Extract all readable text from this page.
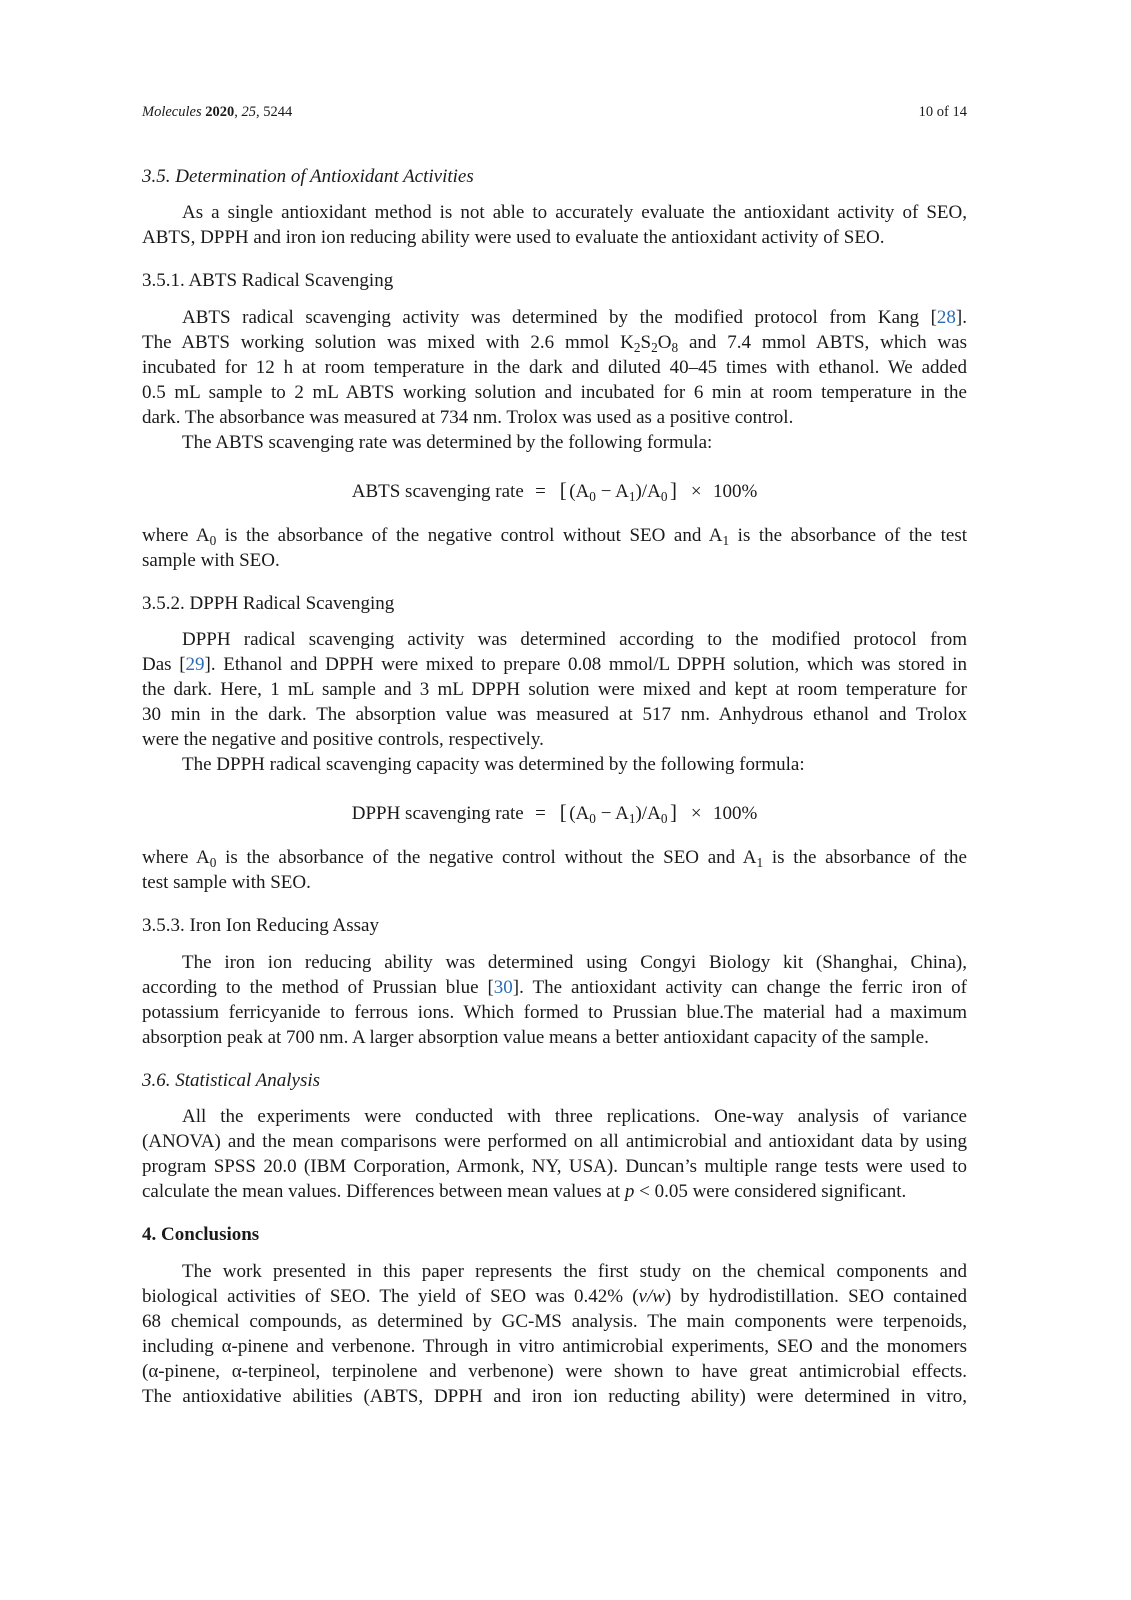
Molecules 2020, 25, 5244	10 of 14
3.5. Determination of Antioxidant Activities
As a single antioxidant method is not able to accurately evaluate the antioxidant activity of SEO,
ABTS, DPPH and iron ion reducing ability were used to evaluate the antioxidant activity of SEO.
3.5.1. ABTS Radical Scavenging
ABTS radical scavenging activity was determined by the modified protocol from Kang [28].
The ABTS working solution was mixed with 2.6 mmol $K_2S_2O_8$ and 7.4 mmol ABTS, which was
incubated for 12 h at room temperature in the dark and diluted 40–45 times with ethanol. We added
0.5 mL sample to 2 mL ABTS working solution and incubated for 6 min at room temperature in the
dark. The absorbance was measured at 734 nm. Trolox was used as a positive control.
The ABTS scavenging rate was determined by the following formula:
ABTS scavenging rate = [ $(A_0 - A_1)/A_0$ ] × 100%
where $A_0$ is the absorbance of the negative control without SEO and $A_1$ is the absorbance of the test
sample with SEO.
3.5.2. DPPH Radical Scavenging
DPPH radical scavenging activity was determined according to the modified protocol from
Das [29]. Ethanol and DPPH were mixed to prepare 0.08 mmol/L DPPH solution, which was stored in
the dark. Here, 1 mL sample and 3 mL DPPH solution were mixed and kept at room temperature for
30 min in the dark. The absorption value was measured at 517 nm. Anhydrous ethanol and Trolox
were the negative and positive controls, respectively.
The DPPH radical scavenging capacity was determined by the following formula:
DPPH scavenging rate = [ $(A_0 - A_1)/A_0$ ] × 100%
where $A_0$ is the absorbance of the negative control without the SEO and $A_1$ is the absorbance of the
test sample with SEO.
3.5.3. Iron Ion Reducing Assay
The iron ion reducing ability was determined using Congyi Biology kit (Shanghai, China),
according to the method of Prussian blue [30]. The antioxidant activity can change the ferric iron of
potassium ferricyanide to ferrous ions. Which formed to Prussian blue.The material had a maximum
absorption peak at 700 nm. A larger absorption value means a better antioxidant capacity of the sample.
3.6. Statistical Analysis
All the experiments were conducted with three replications. One-way analysis of variance
(ANOVA) and the mean comparisons were performed on all antimicrobial and antioxidant data by using
program SPSS 20.0 (IBM Corporation, Armonk, NY, USA). Duncan’s multiple range tests were used to
calculate the mean values. Differences between mean values at p < 0.05 were considered significant.
4. Conclusions
The work presented in this paper represents the first study on the chemical components and
biological activities of SEO. The yield of SEO was 0.42% (v/w) by hydrodistillation. SEO contained
68 chemical compounds, as determined by GC-MS analysis. The main components were terpenoids,
including α-pinene and verbenone. Through in vitro antimicrobial experiments, SEO and the monomers
(α-pinene, α-terpineol, terpinolene and verbenone) were shown to have great antimicrobial effects.
The antioxidative abilities (ABTS, DPPH and iron ion reducting ability) were determined in vitro,
